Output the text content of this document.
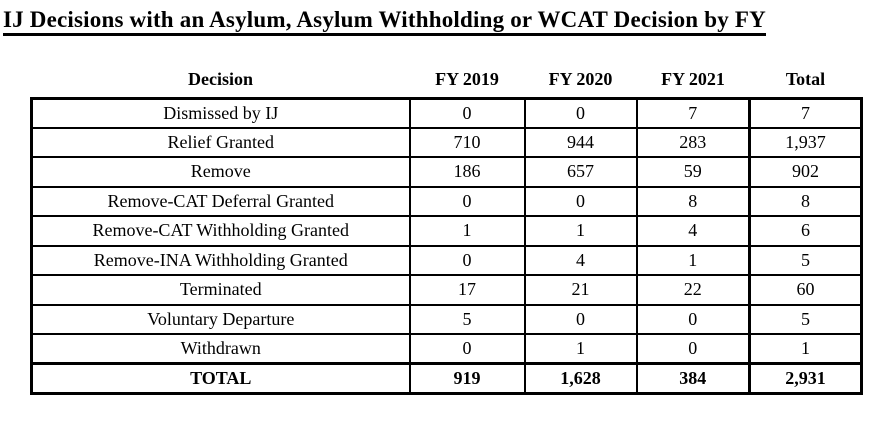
IJ Decisions with an Asylum, Asylum Withholding or WCAT Decision by FY
Decision	FY 2019	FY 2020	FY 2021	Total
Dismissed by IJ	0	0	7	7
Relief Granted	710	944	283	1,937
Remove	186	657	59	902
Remove-CAT Deferral Granted	0	0	8	8
Remove-CAT Withholding Granted	1	1	4	6
Remove-INA Withholding Granted	0	4	1	5
Terminated	17	21	22	60
Voluntary Departure	5	0	0	5
Withdrawn	0	1	0	1
TOTAL	919	1,628	384	2,931
